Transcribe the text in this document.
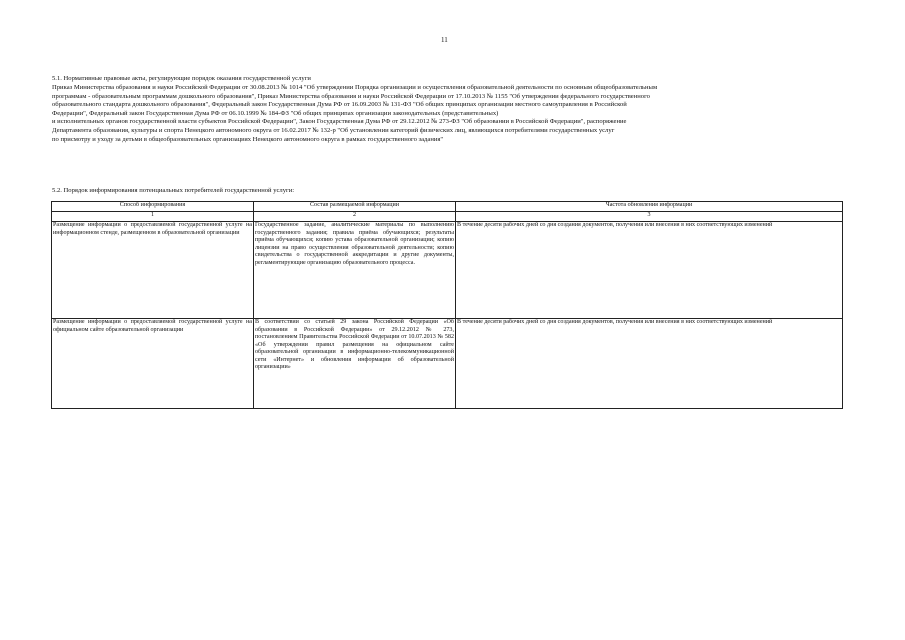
11
5.1. Нормативные правовые акты, регулирующие порядок оказания государственной услуги

Приказ Министерства образования и науки Российской Федерации от 30.08.2013 № 1014 "Об утверждении Порядка организации и осуществления образовательной деятельности по основным общеобразовательным

программам - образовательным программам дошкольного образования", Приказ Министерства образования и науки Российской Федерации от 17.10.2013 № 1155 "Об утверждении федерального государственного

образовательного стандарта дошкольного образования", Федеральный закон Государственная Дума РФ от 16.09.2003 № 131-ФЗ "Об общих принципах организации местного самоуправления в Российской

Федерации", Федеральный закон Государственная Дума РФ от 06.10.1999 № 184-ФЗ "Об общих принципах организации законодательных (представительных)

и исполнительных органов государственной власти субъектов Российской Федерации", Закон Государственная Дума РФ от 29.12.2012 № 273-ФЗ "Об образовании в Российской Федерации", распоряжение

Департамента образования, культуры и спорта Ненецкого автономного округа от 16.02.2017 № 132-р "Об установлении категорий физических лиц, являющихся потребителями государственных услуг

по присмотру и уходу за детьми в общеобразовательных организациях Ненецкого автономного округа в рамках государственного задания"

5.2. Порядок информирования потенциальных потребителей государственной услуги:
Способ информирования	Состав размещаемой информации	Частота обновления информации
1	2	3
Размещение информации о предоставляемой государственной услуге на информационном стенде, размещенном в образовательной организации	Государственное задание, аналитические материалы по выполнению государственного задания; правила приёма обучающихся; результаты приёма обучающихся; копию устава образовательной организации; копию лицензии на право осуществления образовательной деятельности; копию свидетельства о государственной аккредитации и другие документы, регламентирующие организацию образовательного процесса.	В течение десяти рабочих дней со дня создания документов, получения или внесения в них соответствующих изменений
Размещение информации о предоставляемой государственной услуге на официальном сайте образовательной организации	В соответствии со статьей 29 закона Российской Федерации «Об образовании в Российской Федерации» от 29.12.2012 № 273, постановлением Правительства Российской Федерации от 10.07.2013 № 582 «Об утверждении правил размещения на официальном сайте образовательной организации в информационно-телекоммуникационной сети «Интернет» и обновления информации об образовательной организации»	В течение десяти рабочих дней со дня создания документов, получения или внесения в них соответствующих изменений
